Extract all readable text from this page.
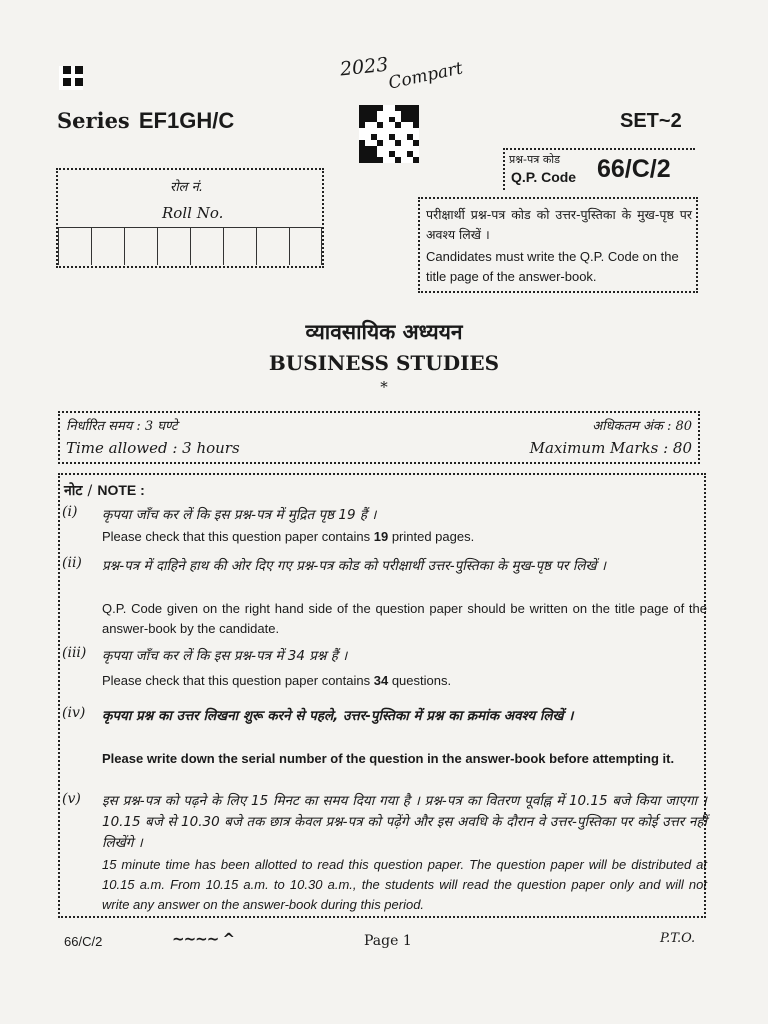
2023
Compart
Series EF1GH/C	SET~2
प्रश्न-पत्र कोड
Q.P. Code 66/C/2
रोल नं.
Roll No.	परीक्षार्थी प्रश्न-पत्र कोड को उत्तर-पुस्तिका के मुख-पृष्ठ पर अवश्य लिखें ।
Candidates must write the Q.P. Code on the title page of the answer-book.
व्यावसायिक अध्ययन
BUSINESS STUDIES
*
निर्धारित समय : 3 घण्टे
Time allowed : 3 hours
अधिकतम अंक : 80
Maximum Marks : 80
नोट / NOTE :
(i) कृपया जाँच कर लें कि इस प्रश्न-पत्र में मुद्रित पृष्ठ 19 हैं ।
Please check that this question paper contains 19 printed pages.
(ii) प्रश्न-पत्र में दाहिने हाथ की ओर दिए गए प्रश्न-पत्र कोड को परीक्षार्थी उत्तर-पुस्तिका के मुख-पृष्ठ पर लिखें ।
Q.P. Code given on the right hand side of the question paper should be written on the title page of the answer-book by the candidate.
(iii) कृपया जाँच कर लें कि इस प्रश्न-पत्र में 34 प्रश्न हैं ।
Please check that this question paper contains 34 questions.
(iv) कृपया प्रश्न का उत्तर लिखना शुरू करने से पहले, उत्तर-पुस्तिका में प्रश्न का क्रमांक अवश्य लिखें ।
Please write down the serial number of the question in the answer-book before attempting it.
(v) इस प्रश्न-पत्र को पढ़ने के लिए 15 मिनट का समय दिया गया है । प्रश्न-पत्र का वितरण पूर्वाह्न में 10.15 बजे किया जाएगा । 10.15 बजे से 10.30 बजे तक छात्र केवल प्रश्न-पत्र को पढ़ेंगे और इस अवधि के दौरान वे उत्तर-पुस्तिका पर कोई उत्तर नहीं लिखेंगे ।
15 minute time has been allotted to read this question paper. The question paper will be distributed at 10.15 a.m. From 10.15 a.m. to 10.30 a.m., the students will read the question paper only and will not write any answer on the answer-book during this period.
66/C/2	~~~~ ^	Page 1	P.T.O.
